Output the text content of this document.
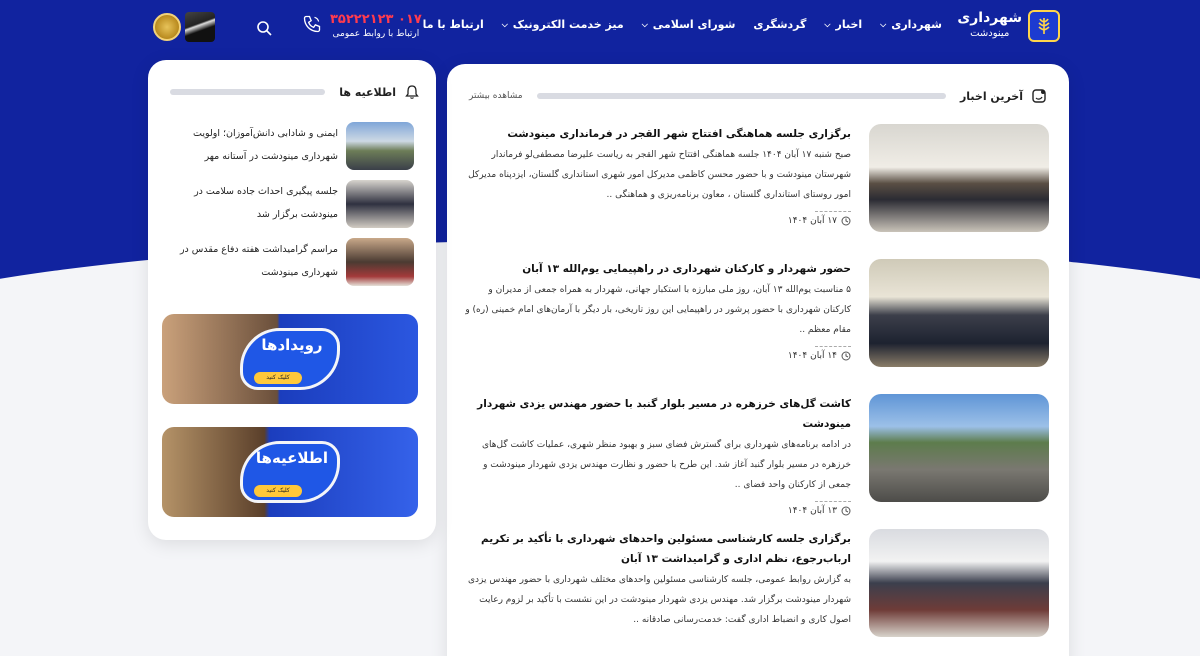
شهرداری
مینودشت
شهرداری
⌵
اخبار
⌵
گردشگری
شورای اسلامی
⌵
میز خدمت الکترونیک
⌵
ارتباط با ما
۰۱۷ ۳۵۲۲۲۱۲۳
ارتباط با روابط عمومی
آخرین اخبار
مشاهده بیشتر
برگزاری جلسه هماهنگی افتتاح شهر القجر در فرمانداری مینودشت
صبح شنبه ۱۷ آبان ۱۴۰۴ جلسه هماهنگی افتتاح شهر القجر به ریاست علیرضا مصطفی‌لو فرماندار شهرستان مینودشت و با حضور محسن کاظمی مدیرکل امور شهری استانداری گلستان، ایزدپناه مدیرکل امور روستای استانداری گلستان ، معاون برنامه‌ریزی و هماهنگی ..
۱۷ آبان ۱۴۰۴
حضور شهردار و کارکنان شهرداری در راهپیمایی یوم‌الله ۱۳ آبان
۵ مناسبت یوم‌الله ۱۳ آبان، روز ملی مبارزه با استکبار جهانی، شهردار به همراه جمعی از مدیران و کارکنان شهرداری با حضور پرشور در راهپیمایی این روز تاریخی، بار دیگر با آرمان‌های امام خمینی (ره) و مقام معظم ..
۱۴ آبان ۱۴۰۴
کاشت گل‌های خرزهره در مسیر بلوار گنبد با حضور مهندس یزدی شهردار مینودشت
در ادامه برنامه‌های شهرداری برای گسترش فضای سبز و بهبود منظر شهری، عملیات کاشت گل‌های خرزهره در مسیر بلوار گنبد آغاز شد. این طرح با حضور و نظارت مهندس یزدی شهردار مینودشت و جمعی از کارکنان واحد فضای ..
۱۳ آبان ۱۴۰۴
برگزاری جلسه کارشناسی مسئولین واحدهای شهرداری با تأکید بر تکریم ارباب‌رجوع، نظم اداری و گرامیداشت ۱۳ آبان
به گزارش روابط عمومی، جلسه کارشناسی مسئولین واحدهای مختلف شهرداری با حضور مهندس یزدی شهردار مینودشت برگزار شد. مهندس یزدی شهردار مینودشت در این نشست با تأکید بر لزوم رعایت اصول کاری و انضباط اداری گفت: خدمت‌رسانی صادقانه ..
اطلاعیه ها
ایمنی و شادابی دانش‌آموزان؛ اولویت شهرداری مینودشت در آستانه مهر
جلسه پیگیری احداث جاده سلامت در مینودشت برگزار شد
مراسم گرامیداشت هفته دفاع مقدس در شهرداری مینودشت
رویدادها
کلیک کنید
اطلاعیه‌ها
کلیک کنید
